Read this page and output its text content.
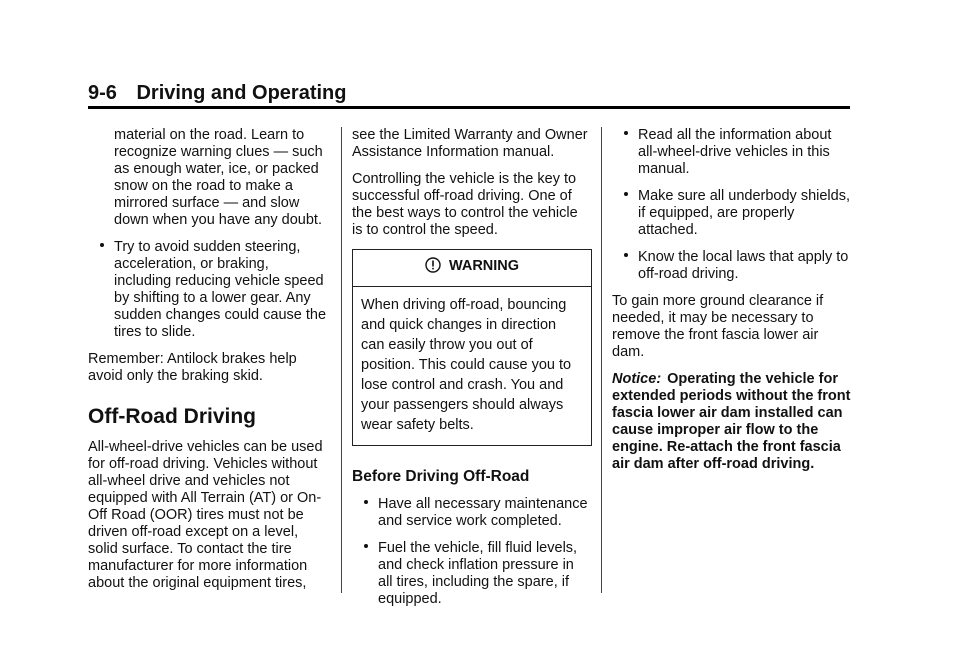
9-6 Driving and Operating

material on the road. Learn to recognize warning clues — such as enough water, ice, or packed snow on the road to make a mirrored surface — and slow down when you have any doubt.

Try to avoid sudden steering, acceleration, or braking, including reducing vehicle speed by shifting to a lower gear. Any sudden changes could cause the tires to slide.

Remember: Antilock brakes help avoid only the braking skid.

Off-Road Driving

All-wheel-drive vehicles can be used for off-road driving. Vehicles without all-wheel drive and vehicles not equipped with All Terrain (AT) or On-Off Road (OOR) tires must not be driven off-road except on a level, solid surface. To contact the tire manufacturer for more information about the original equipment tires,

see the Limited Warranty and Owner Assistance Information manual.

Controlling the vehicle is the key to successful off-road driving. One of the best ways to control the vehicle is to control the speed.

WARNING
When driving off-road, bouncing and quick changes in direction can easily throw you out of position. This could cause you to lose control and crash. You and your passengers should always wear safety belts.
Before Driving Off-Road
Have all necessary maintenance and service work completed.
Fuel the vehicle, fill fluid levels, and check inflation pressure in all tires, including the spare, if equipped.
Read all the information about all-wheel-drive vehicles in this manual.
Make sure all underbody shields, if equipped, are properly attached.
Know the local laws that apply to off-road driving.

To gain more ground clearance if needed, it may be necessary to remove the front fascia lower air dam.

Notice: Operating the vehicle for extended periods without the front fascia lower air dam installed can cause improper air flow to the engine. Re-attach the front fascia air dam after off-road driving.
